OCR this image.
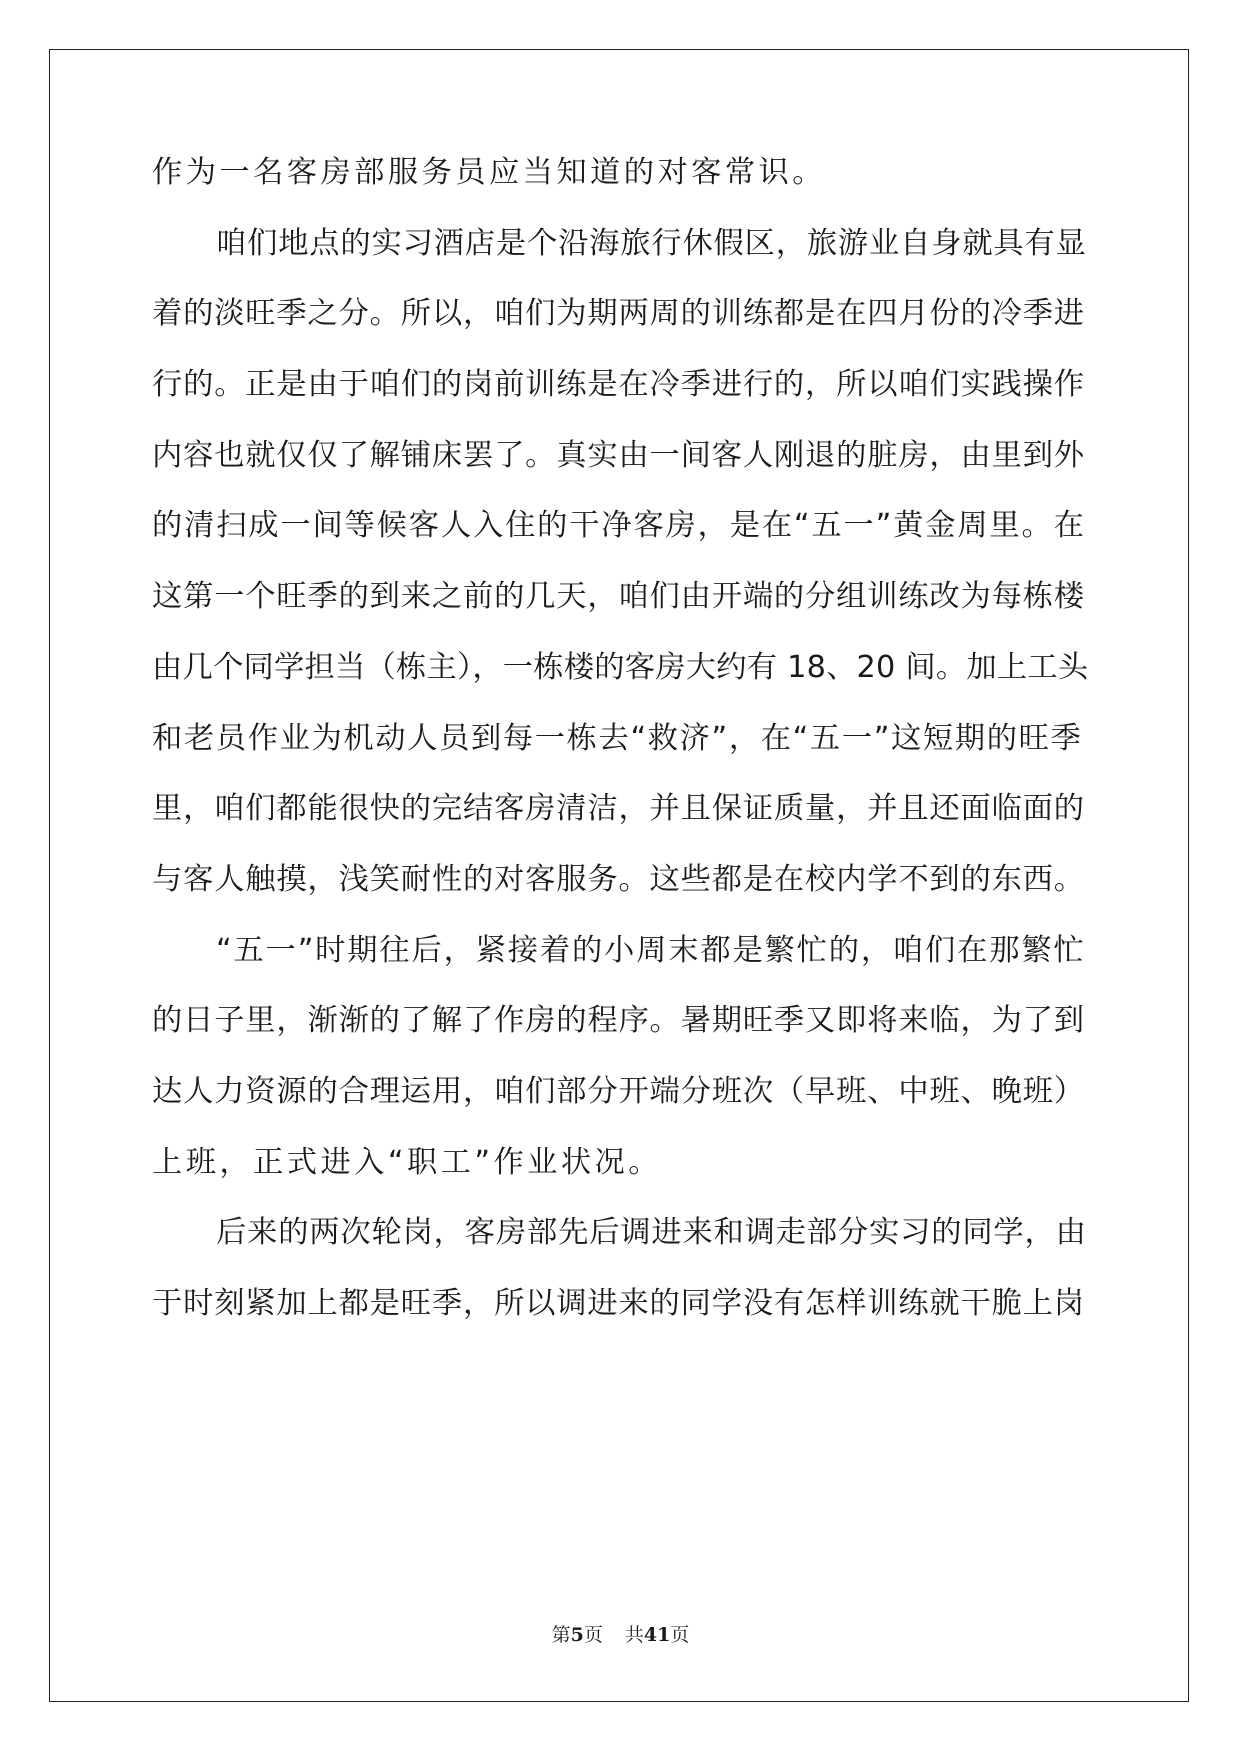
作为一名客房部服务员应当知道的对客常识。
咱们地点的实习酒店是个沿海旅行休假区，旅游业自身就具有显
着的淡旺季之分。所以，咱们为期两周的训练都是在四月份的冷季进
行的。正是由于咱们的岗前训练是在冷季进行的，所以咱们实践操作
内容也就仅仅了解铺床罢了。真实由一间客人刚退的脏房，由里到外
的清扫成一间等候客人入住的干净客房，是在“五一”黄金周里。在
这第一个旺季的到来之前的几天，咱们由开端的分组训练改为每栋楼
由几个同学担当（栋主），一栋楼的客房大约有 18、20 间。加上工头
和老员作业为机动人员到每一栋去“救济”，在“五一”这短期的旺季
里，咱们都能很快的完结客房清洁，并且保证质量，并且还面临面的
与客人触摸，浅笑耐性的对客服务。这些都是在校内学不到的东西。
“五一”时期往后，紧接着的小周末都是繁忙的，咱们在那繁忙
的日子里，渐渐的了解了作房的程序。暑期旺季又即将来临，为了到
达人力资源的合理运用，咱们部分开端分班次（早班、中班、晚班）
上班，正式进入“职工”作业状况。
后来的两次轮岗，客房部先后调进来和调走部分实习的同学，由
于时刻紧加上都是旺季，所以调进来的同学没有怎样训练就干脆上岗
第5页 共41页
